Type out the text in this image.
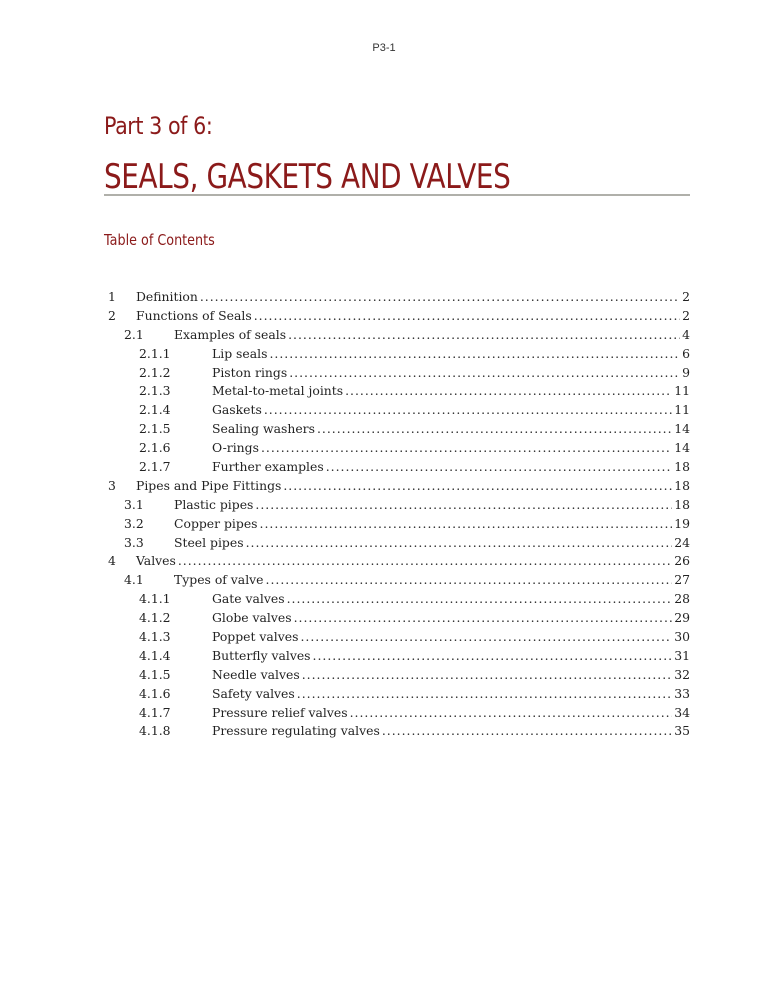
P3-1
Part 3 of 6:
SEALS, GASKETS AND VALVES
Table of Contents
1	Definition .....	2
2	Functions of Seals .....	2
2.1	Examples of seals .....	4
2.1.1	Lip seals .....	6
2.1.2	Piston rings .....	9
2.1.3	Metal-to-metal joints .....	11
2.1.4	Gaskets .....	11
2.1.5	Sealing washers .....	14
2.1.6	O-rings .....	14
2.1.7	Further examples .....	18
3	Pipes and Pipe Fittings .....	18
3.1	Plastic pipes .....	18
3.2	Copper pipes .....	19
3.3	Steel pipes .....	24
4	Valves .....	26
4.1	Types of valve .....	27
4.1.1	Gate valves .....	28
4.1.2	Globe valves .....	29
4.1.3	Poppet valves .....	30
4.1.4	Butterfly valves .....	31
4.1.5	Needle valves .....	32
4.1.6	Safety valves .....	33
4.1.7	Pressure relief valves .....	34
4.1.8	Pressure regulating valves .....	35
